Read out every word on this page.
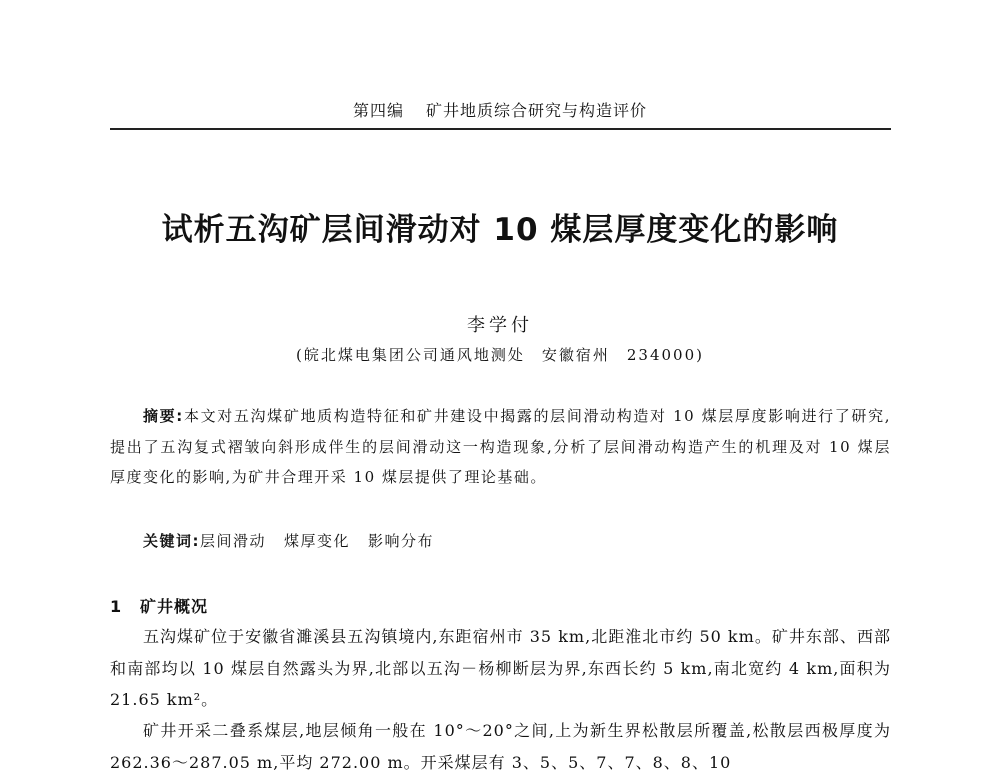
第四编 矿井地质综合研究与构造评价
试析五沟矿层间滑动对 10 煤层厚度变化的影响
李学付
(皖北煤电集团公司通风地测处　安徽宿州　234000)

摘要:本文对五沟煤矿地质构造特征和矿井建设中揭露的层间滑动构造对 10 煤层厚度影响进行了研究,提出了五沟复式褶皱向斜形成伴生的层间滑动这一构造现象,分析了层间滑动构造产生的机理及对 10 煤层厚度变化的影响,为矿井合理开采 10 煤层提供了理论基础。

关键词:层间滑动 煤厚变化 影响分布

1 矿井概况

五沟煤矿位于安徽省濉溪县五沟镇境内,东距宿州市 35 km,北距淮北市约 50 km。矿井东部、西部和南部均以 10 煤层自然露头为界,北部以五沟－杨柳断层为界,东西长约 5 km,南北宽约 4 km,面积为 21.65 km²。

矿井开采二叠系煤层,地层倾角一般在 10°～20°之间,上为新生界松散层所覆盖,松散层西极厚度为 262.36～287.05 m,平均 272.00 m。开采煤层有 3、5、5、7、7、8、8、10
